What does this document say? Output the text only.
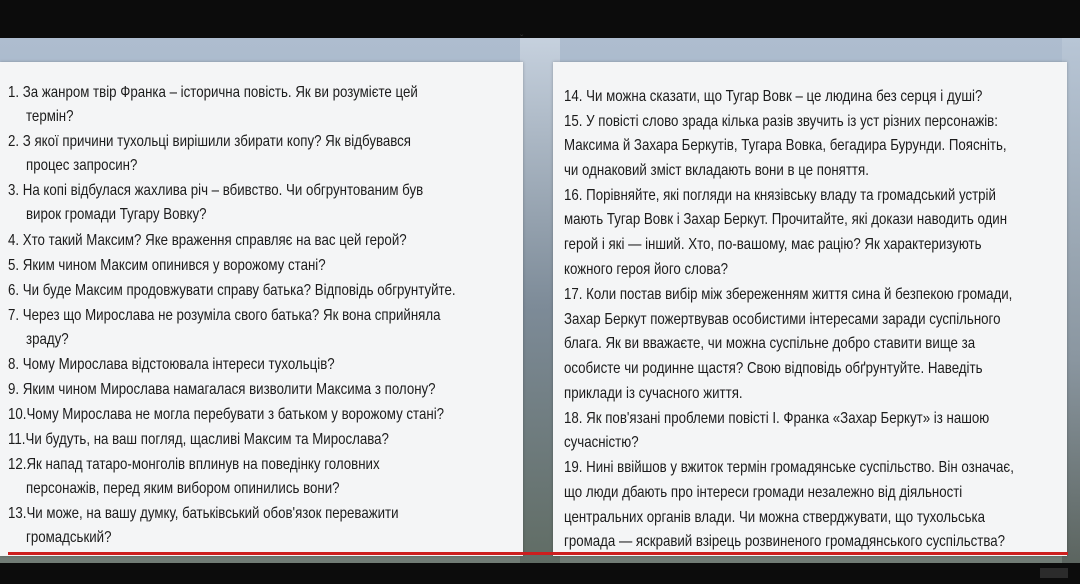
ˇ
1. За жанром твір Франка – історична повість. Як ви розумієте цей
термін?
2. З якої причини тухольці вирішили збирати копу? Як відбувався
процес запросин?
3. На копі відбулася жахлива річ – вбивство. Чи обгрунтованим був
вирок громади Тугару Вовку?
4. Хто такий Максим? Яке враження справляє на вас цей герой?
5. Яким чином Максим опинився у ворожому стані?
6. Чи буде Максим продовжувати справу батька? Відповідь обгрунтуйте.
7. Через що Мирослава не розуміла свого батька? Як вона сприйняла
зраду?
8. Чому Мирослава відстоювала інтереси тухольців?
9. Яким чином Мирослава намагалася визволити Максима з полону?
10.Чому Мирослава не могла перебувати з батьком у ворожому стані?
11.Чи будуть, на ваш погляд, щасливі Максим та Мирослава?
12.Як напад татаро-монголів вплинув на поведінку головних
персонажів, перед яким вибором опинились вони?
13.Чи може, на вашу думку, батьківський обов'язок переважити
громадський?
14. Чи можна сказати, що Тугар Вовк – це людина без серця і душі?
15. У повісті слово зрада кілька разів звучить із уст різних персонажів:
Максима й Захара Беркутів, Тугара Вовка, бегадира Бурунди. Поясніть,
чи однаковий зміст вкладають вони в це поняття.
16. Порівняйте, які погляди на князівську владу та громадський устрій
мають Тугар Вовк і Захар Беркут. Прочитайте, які докази наводить один
герой і які — інший. Хто, по-вашому, має рацію? Як характеризують
кожного героя його слова?
17. Коли постав вибір між збереженням життя сина й безпекою громади,
Захар Беркут пожертвував особистими інтересами заради суспільного
блага. Як ви вважаєте, чи можна суспільне добро ставити вище за
особисте чи родинне щастя? Свою відповідь обґрунтуйте. Наведіть
приклади із сучасного життя.
18. Як пов'язані проблеми повісті І. Франка «Захар Беркут» із нашою
сучасністю?
19. Нині ввійшов у вжиток термін громадянське суспільство. Він означає,
що люди дбають про інтереси громади незалежно від діяльності
центральних органів влади. Чи можна стверджувати, що тухольська
громада — яскравий взірець розвиненого громадянського суспільства?
